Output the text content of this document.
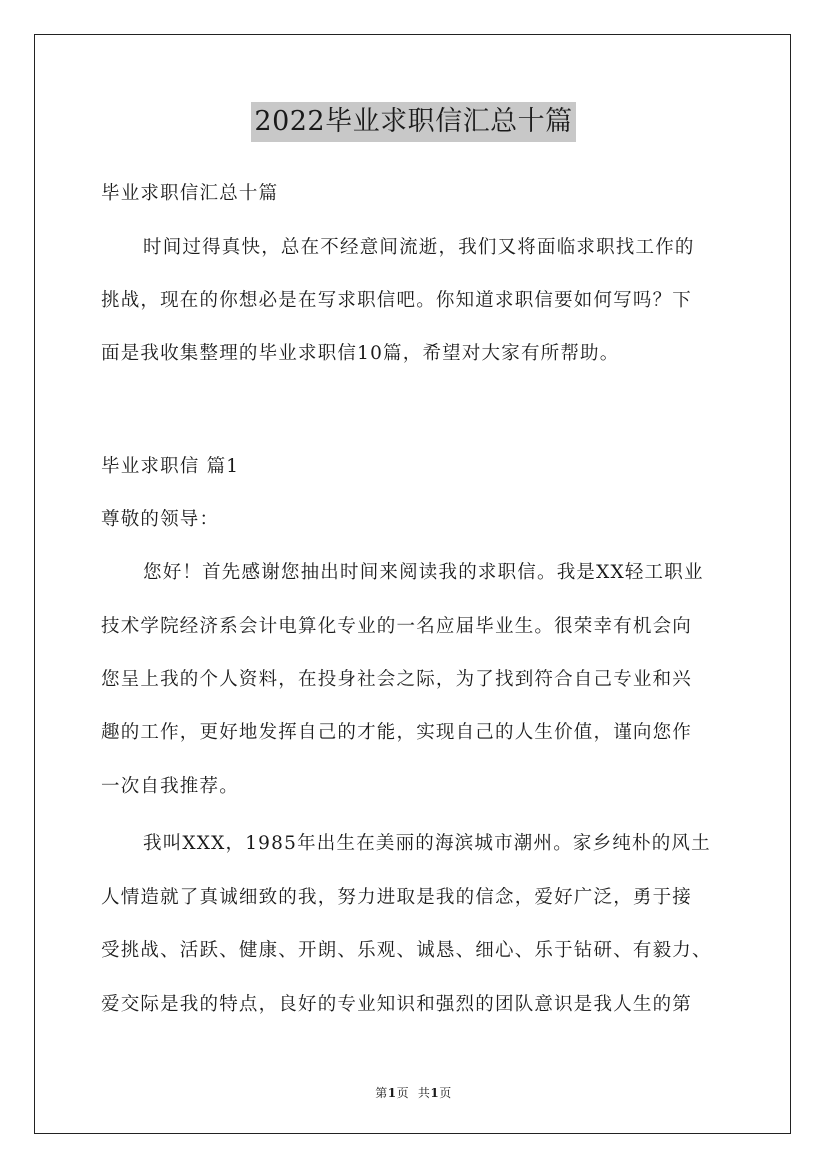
2022毕业求职信汇总十篇
毕业求职信汇总十篇
时间过得真快，总在不经意间流逝，我们又将面临求职找工作的
挑战，现在的你想必是在写求职信吧。你知道求职信要如何写吗？下
面是我收集整理的毕业求职信10篇，希望对大家有所帮助。
毕业求职信 篇1
尊敬的领导：
您好！首先感谢您抽出时间来阅读我的求职信。我是XX轻工职业
技术学院经济系会计电算化专业的一名应届毕业生。很荣幸有机会向
您呈上我的个人资料，在投身社会之际，为了找到符合自己专业和兴
趣的工作，更好地发挥自己的才能，实现自己的人生价值，谨向您作
一次自我推荐。
我叫XXX，1985年出生在美丽的海滨城市潮州。家乡纯朴的风土
人情造就了真诚细致的我，努力进取是我的信念，爱好广泛，勇于接
受挑战、活跃、健康、开朗、乐观、诚恳、细心、乐于钻研、有毅力、
爱交际是我的特点，良好的专业知识和强烈的团队意识是我人生的第
第1页 共1页
